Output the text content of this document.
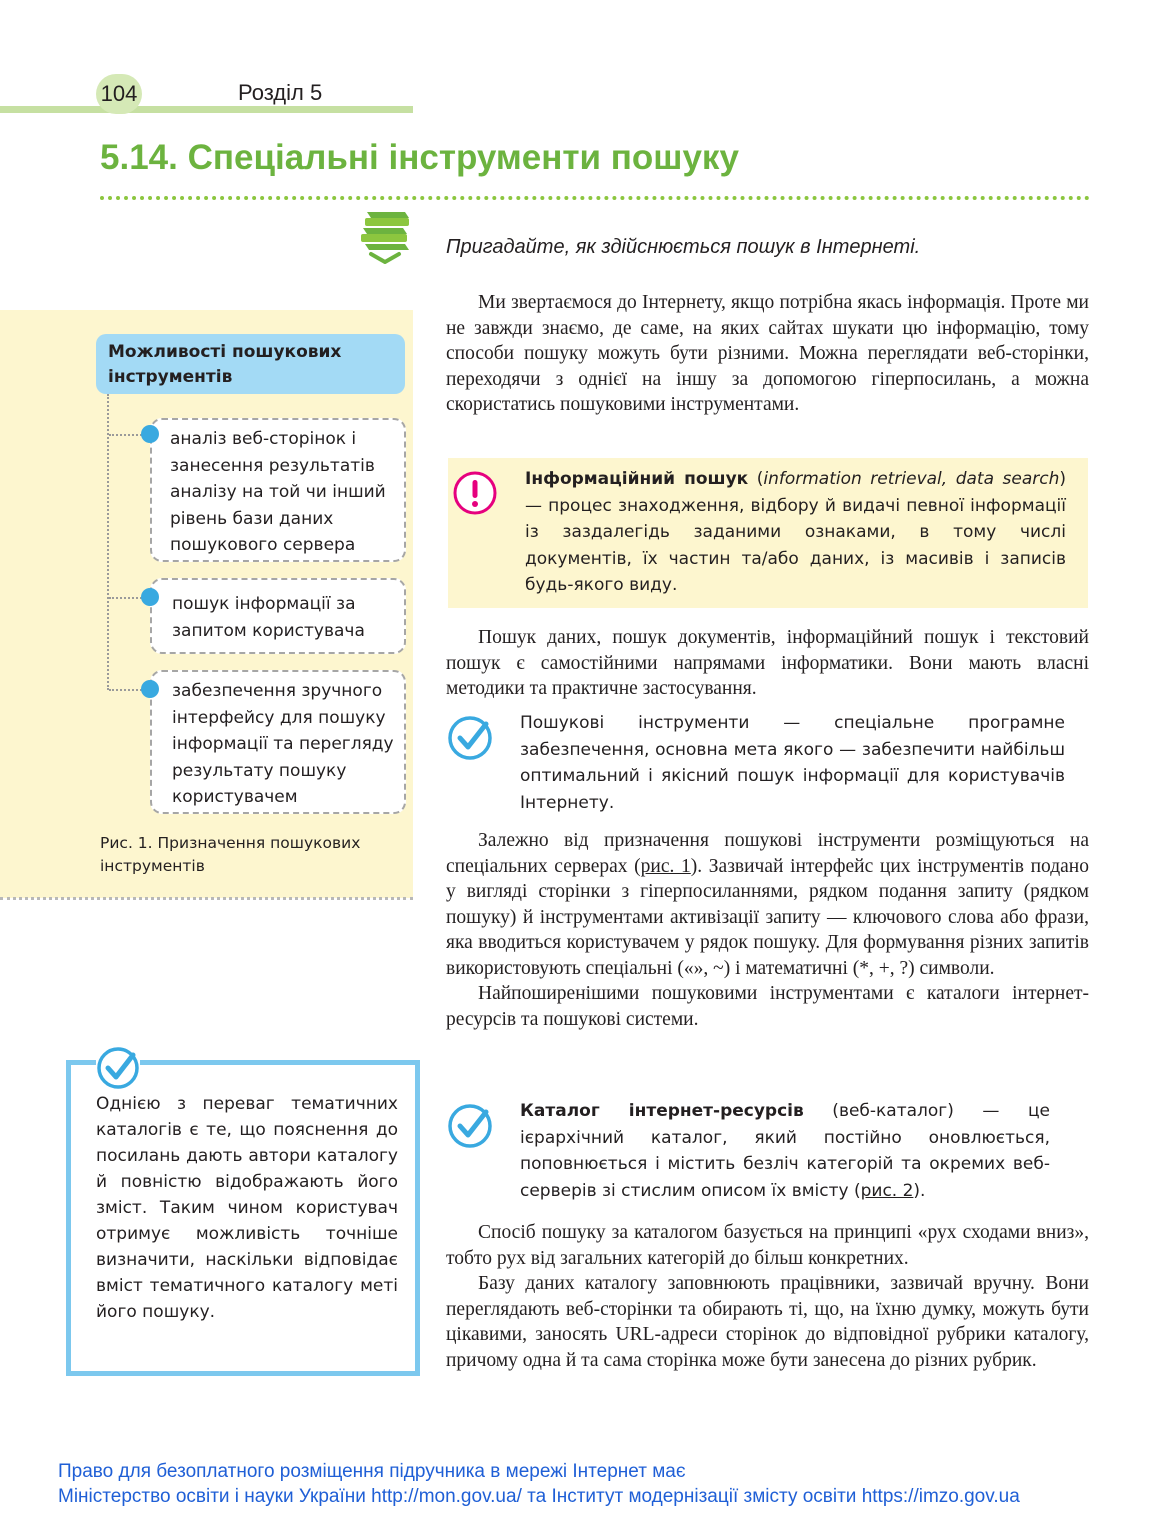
104	Розділ 5
5.14. Спеціальні інструменти пошуку
Пригадайте, як здійснюється пошук в Інтернеті.

Ми звертаємося до Інтернету, якщо потрібна якась інформація. Проте ми не завжди знаємо, де саме, на яких сайтах шукати цю інформацію, тому способи пошуку можуть бути різними. Можна переглядати веб-сторінки, переходячи з однієї на іншу за допомогою гіперпосилань, а можна скористатись пошуковими інструментами.

Інформаційний пошук (information retrieval, data search) — процес знаходження, відбору й видачі певної інформації із заздалегідь заданими ознаками, в тому числі документів, їх частин та/або даних, із масивів і записів будь-якого виду.

Пошук даних, пошук документів, інформаційний пошук і текстовий пошук є самостійними напрямами інформатики. Вони мають власні методики та практичне застосування.

Пошукові інструменти — спеціальне програмне забезпечення, основна мета якого — забезпечити найбільш оптимальний і якісний пошук інформації для користувачів Інтернету.

Залежно від призначення пошукові інструменти розміщуються на спеціальних серверах (рис. 1). Зазвичай інтерфейс цих інструментів подано у вигляді сторінки з гіперпосиланнями, рядком подання запиту (рядком пошуку) й інструментами активізації запиту — ключового слова або фрази, яка вводиться користувачем у рядок пошуку. Для формування різних запитів використовують спеціальні («», ~) і математичні (*, +, ?) символи.

Найпоширенішими пошуковими інструментами є каталоги інтернет-ресурсів та пошукові системи.

Каталог інтернет-ресурсів (веб-каталог) — це ієрархічний каталог, який постійно оновлюється, поповнюється і містить безліч категорій та окремих веб-серверів зі стислим описом їх вмісту (рис. 2).

Спосіб пошуку за каталогом базується на принципі «рух сходами вниз», тобто рух від загальних категорій до більш конкретних.

Базу даних каталогу заповнюють працівники, зазвичай вручну. Вони переглядають веб-сторінки та обирають ті, що, на їхню думку, можуть бути цікавими, заносять URL-адреси сторінок до відповідної рубрики каталогу, причому одна й та сама сторінка може бути занесена до різних рубрик.

Можливості пошукових інструментів
аналіз веб-сторінок і занесення результатів аналізу на той чи інший рівень бази даних пошукового сервера
пошук інформації за запитом користувача
забезпечення зручного інтерфейсу для пошуку інформації та перегляду результату пошуку користувачем
Рис. 1. Призначення пошукових інструментів
Однією з переваг тематичних каталогів є те, що пояснення до посилань дають автори каталогу й повністю відображають його зміст. Таким чином користувач отримує можливість точніше визначити, наскільки відповідає вміст тематичного каталогу меті його пошуку.
Право для безоплатного розміщення підручника в мережі Інтернет має
Міністерство освіти і науки України http://mon.gov.ua/ та Інститут модернізації змісту освіти https://imzo.gov.ua
